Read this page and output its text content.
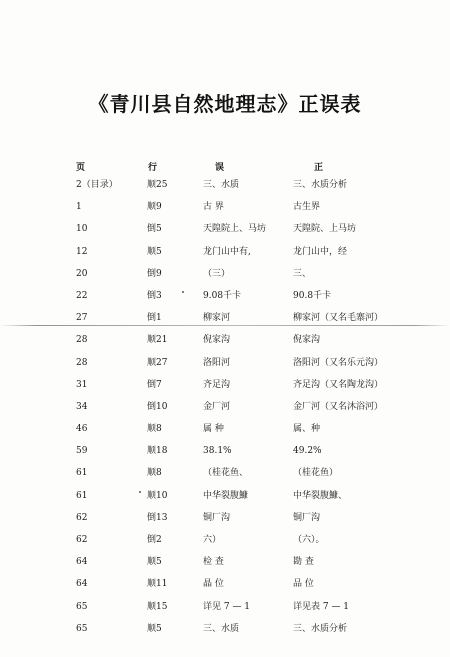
《青川县自然地理志》正误表
页	行	误	正
2（目录）	顺25	三、水质	三、水质分析
1	顺9	古 界	古生界
10	倒5	天隍院上、马坊	天隍院、上马坊
12	顺5	龙门山中有,	龙门山中，经
20	倒9	（三）	三、
22	倒3	9.08千卡	90.8千卡
27	倒1	柳家河	柳家河（又名毛寨河）
28	顺21	倪家沟	倪家沟
28	顺27	洛阳河	洛阳河（又名乐元沟）
31	倒7	齐足沟	齐足沟（又名陶龙沟）
34	倒10	金厂河	金厂河（又名沐浴河）
46	顺8	属 种	属、种
59	顺18	38.1%	49.2%
61	顺8	（桂花鱼、	（桂花鱼）
61	顺10	中华裂腹鱇	中华裂腹鱇、
62	倒13	铜厂沟	铜厂沟
62	倒2	六）	（六）。
64	顺5	检 查	勘 查
64	顺11	晶 位	品 位
65	顺15	详见 7 — 1	详见表 7 — 1
65	顺5	三、水质	三、水质分析
